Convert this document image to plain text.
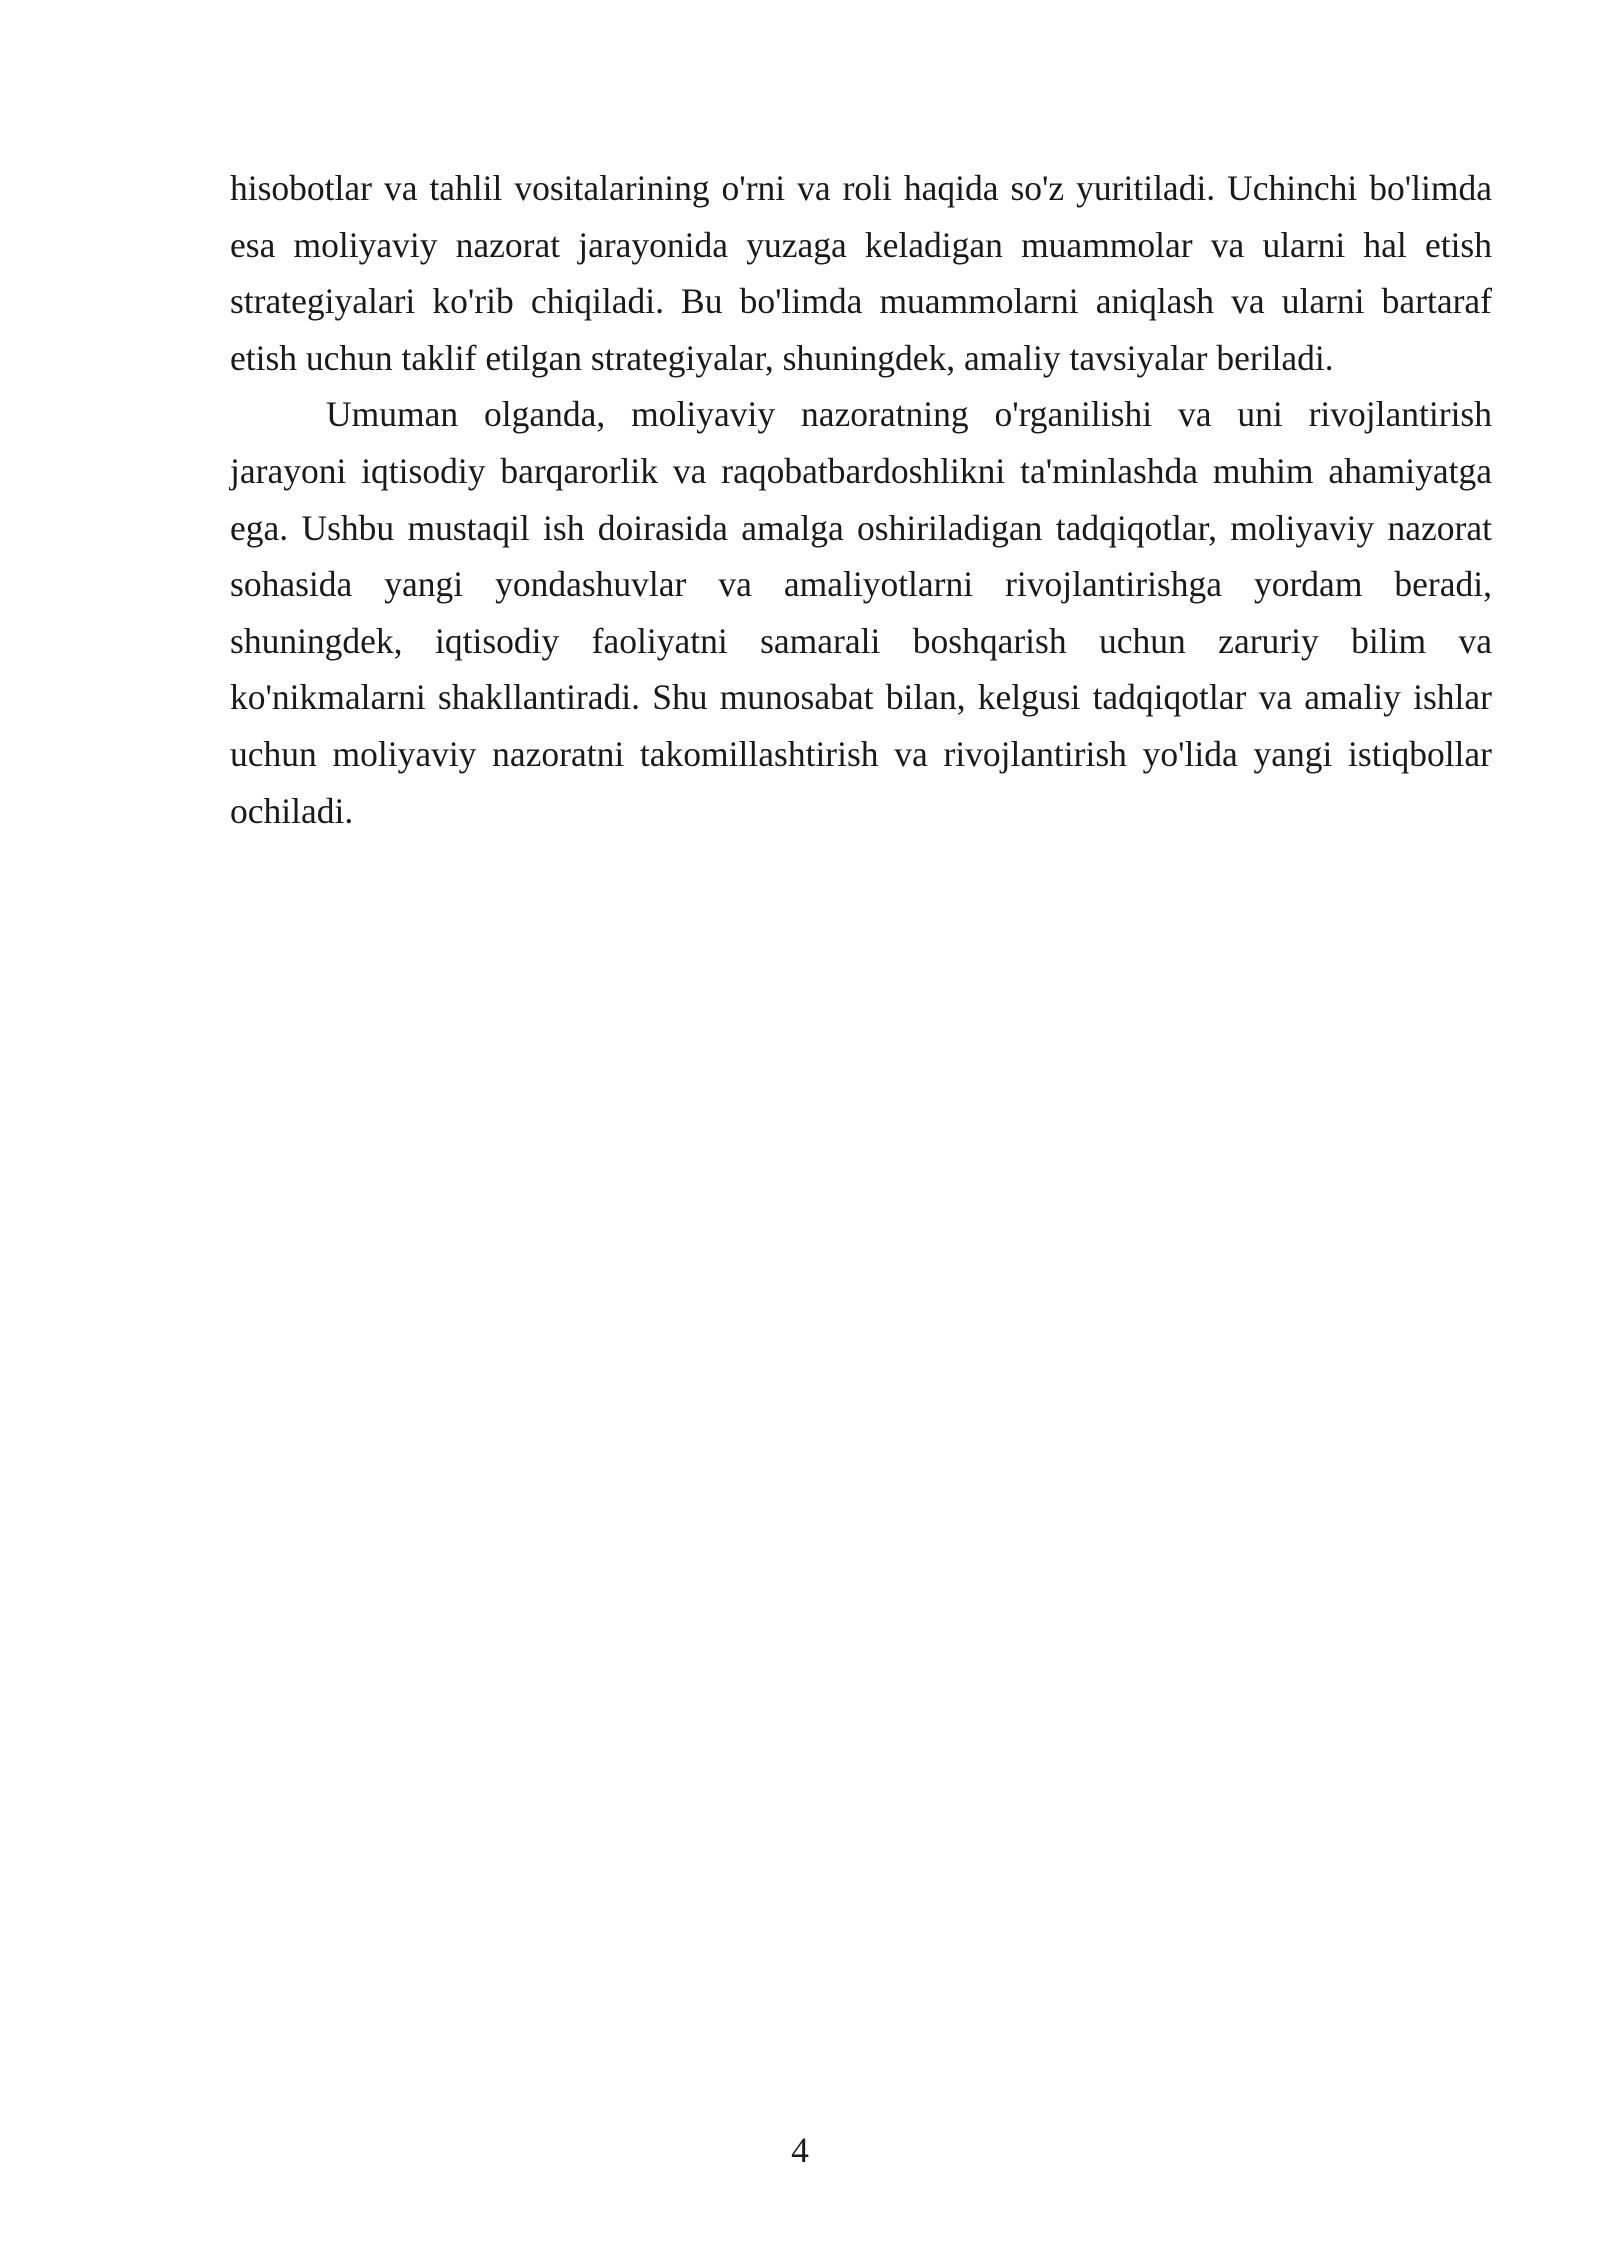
hisobotlar va tahlil vositalarining o'rni va roli haqida so'z yuritiladi. Uchinchi bo'limda esa moliyaviy nazorat jarayonida yuzaga keladigan muammolar va ularni hal etish strategiyalari ko'rib chiqiladi. Bu bo'limda muammolarni aniqlash va ularni bartaraf etish uchun taklif etilgan strategiyalar, shuningdek, amaliy tavsiyalar beriladi.

Umuman olganda, moliyaviy nazoratning o'rganilishi va uni rivojlantirish jarayoni iqtisodiy barqarorlik va raqobatbardoshlikni ta'minlashda muhim ahamiyatga ega. Ushbu mustaqil ish doirasida amalga oshiriladigan tadqiqotlar, moliyaviy nazorat sohasida yangi yondashuvlar va amaliyotlarni rivojlantirishga yordam beradi, shuningdek, iqtisodiy faoliyatni samarali boshqarish uchun zaruriy bilim va ko'nikmalarni shakllantiradi. Shu munosabat bilan, kelgusi tadqiqotlar va amaliy ishlar uchun moliyaviy nazoratni takomillashtirish va rivojlantirish yo'lida yangi istiqbollar ochiladi.

4
